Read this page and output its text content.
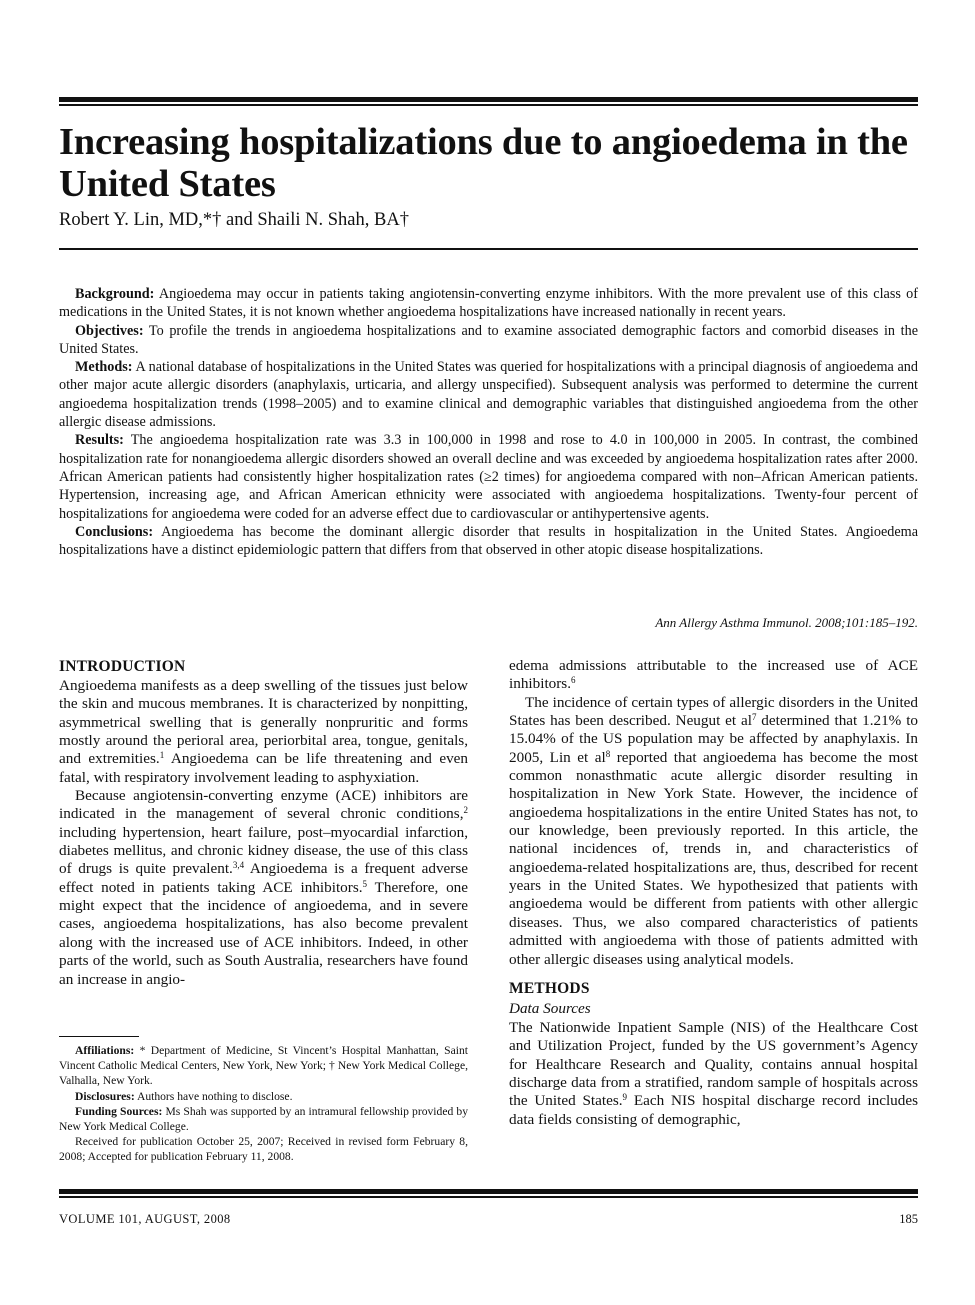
Increasing hospitalizations due to angioedema in the United States

Robert Y. Lin, MD,*† and Shaili N. Shah, BA†

Background: Angioedema may occur in patients taking angiotensin-converting enzyme inhibitors. With the more prevalent use of this class of medications in the United States, it is not known whether angioedema hospitalizations have increased nationally in recent years.

Objectives: To profile the trends in angioedema hospitalizations and to examine associated demographic factors and comorbid diseases in the United States.

Methods: A national database of hospitalizations in the United States was queried for hospitalizations with a principal diagnosis of angioedema and other major acute allergic disorders (anaphylaxis, urticaria, and allergy unspecified). Subsequent analysis was performed to determine the current angioedema hospitalization trends (1998–2005) and to examine clinical and demographic variables that distinguished angioedema from the other allergic disease admissions.

Results: The angioedema hospitalization rate was 3.3 in 100,000 in 1998 and rose to 4.0 in 100,000 in 2005. In contrast, the combined hospitalization rate for nonangioedema allergic disorders showed an overall decline and was exceeded by angioedema hospitalization rates after 2000. African American patients had consistently higher hospitalization rates (≥2 times) for angioedema compared with non–African American patients. Hypertension, increasing age, and African American ethnicity were associated with angioedema hospitalizations. Twenty-four percent of hospitalizations for angioedema were coded for an adverse effect due to cardiovascular or antihypertensive agents.

Conclusions: Angioedema has become the dominant allergic disorder that results in hospitalization in the United States. Angioedema hospitalizations have a distinct epidemiologic pattern that differs from that observed in other atopic disease hospitalizations.

Ann Allergy Asthma Immunol. 2008;101:185–192.
INTRODUCTION

Angioedema manifests as a deep swelling of the tissues just below the skin and mucous membranes. It is characterized by nonpitting, asymmetrical swelling that is generally nonpruritic and forms mostly around the perioral area, periorbital area, tongue, genitals, and extremities.$^1$ Angioedema can be life threatening and even fatal, with respiratory involvement leading to asphyxiation.

Because angiotensin-converting enzyme (ACE) inhibitors are indicated in the management of several chronic conditions,$^2$ including hypertension, heart failure, post–myocardial infarction, diabetes mellitus, and chronic kidney disease, the use of this class of drugs is quite prevalent.$^{3,4}$ Angioedema is a frequent adverse effect noted in patients taking ACE inhibitors.$^5$ Therefore, one might expect that the incidence of angioedema, and in severe cases, angioedema hospitalizations, has also become prevalent along with the increased use of ACE inhibitors. Indeed, in other parts of the world, such as South Australia, researchers have found an increase in angio-

Affiliations: * Department of Medicine, St Vincent’s Hospital Manhattan, Saint Vincent Catholic Medical Centers, New York, New York; † New York Medical College, Valhalla, New York.

Disclosures: Authors have nothing to disclose.

Funding Sources: Ms Shah was supported by an intramural fellowship provided by New York Medical College.

Received for publication October 25, 2007; Received in revised form February 8, 2008; Accepted for publication February 11, 2008.

edema admissions attributable to the increased use of ACE inhibitors.$^6$

The incidence of certain types of allergic disorders in the United States has been described. Neugut et $al^7$ determined that 1.21% to 15.04% of the US population may be affected by anaphylaxis. In 2005, Lin et $al^8$ reported that angioedema has become the most common nonasthmatic acute allergic disorder resulting in hospitalization in New York State. However, the incidence of angioedema hospitalizations in the entire United States has not, to our knowledge, been previously reported. In this article, the national incidences of, trends in, and characteristics of angioedema-related hospitalizations are, thus, described for recent years in the United States. We hypothesized that patients with angioedema would be different from patients with other allergic diseases. Thus, we also compared characteristics of patients admitted with angioedema with those of patients admitted with other allergic diseases using analytical models.

METHODS
Data Sources

The Nationwide Inpatient Sample (NIS) of the Healthcare Cost and Utilization Project, funded by the US government’s Agency for Healthcare Research and Quality, contains annual hospital discharge data from a stratified, random sample of hospitals across the United States.$^9$ Each NIS hospital discharge record includes data fields consisting of demographic,

VOLUME 101, AUGUST, 2008	185
